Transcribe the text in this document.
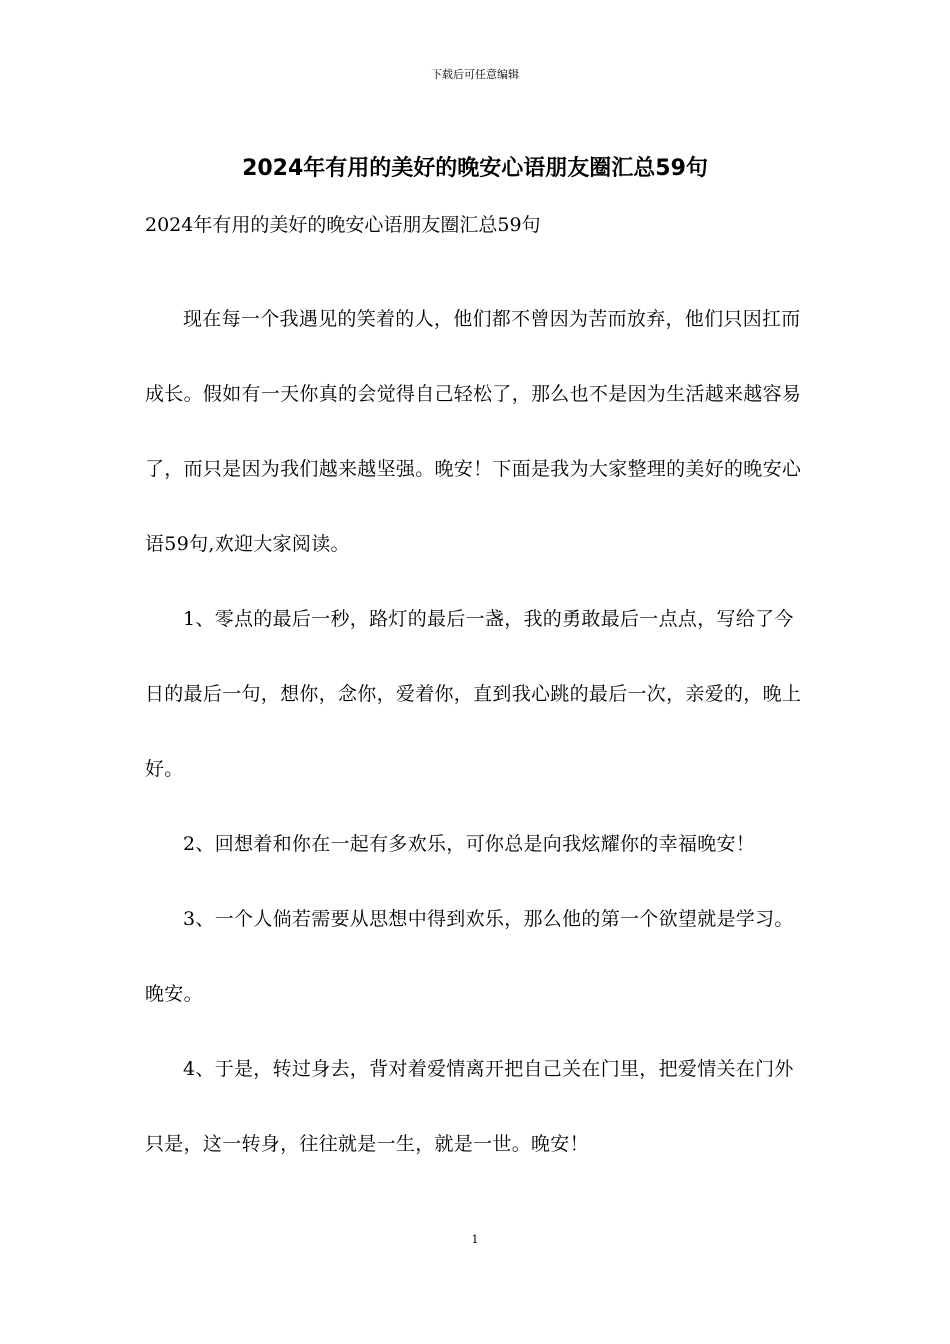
下载后可任意编辑
2024年有用的美好的晚安心语朋友圈汇总59句

2024年有用的美好的晚安心语朋友圈汇总59句

现在每一个我遇见的笑着的人，他们都不曾因为苦而放弃，他们只因扛而成长。假如有一天你真的会觉得自己轻松了，那么也不是因为生活越来越容易了，而只是因为我们越来越坚强。晚安！下面是我为大家整理的美好的晚安心语59句,欢迎大家阅读。

1、零点的最后一秒，路灯的最后一盏，我的勇敢最后一点点，写给了今日的最后一句，想你，念你，爱着你，直到我心跳的最后一次，亲爱的，晚上好。

2、回想着和你在一起有多欢乐，可你总是向我炫耀你的幸福晚安！

3、一个人倘若需要从思想中得到欢乐，那么他的第一个欲望就是学习。晚安。

4、于是，转过身去，背对着爱情离开把自己关在门里，把爱情关在门外只是，这一转身，往往就是一生，就是一世。晚安！

1
